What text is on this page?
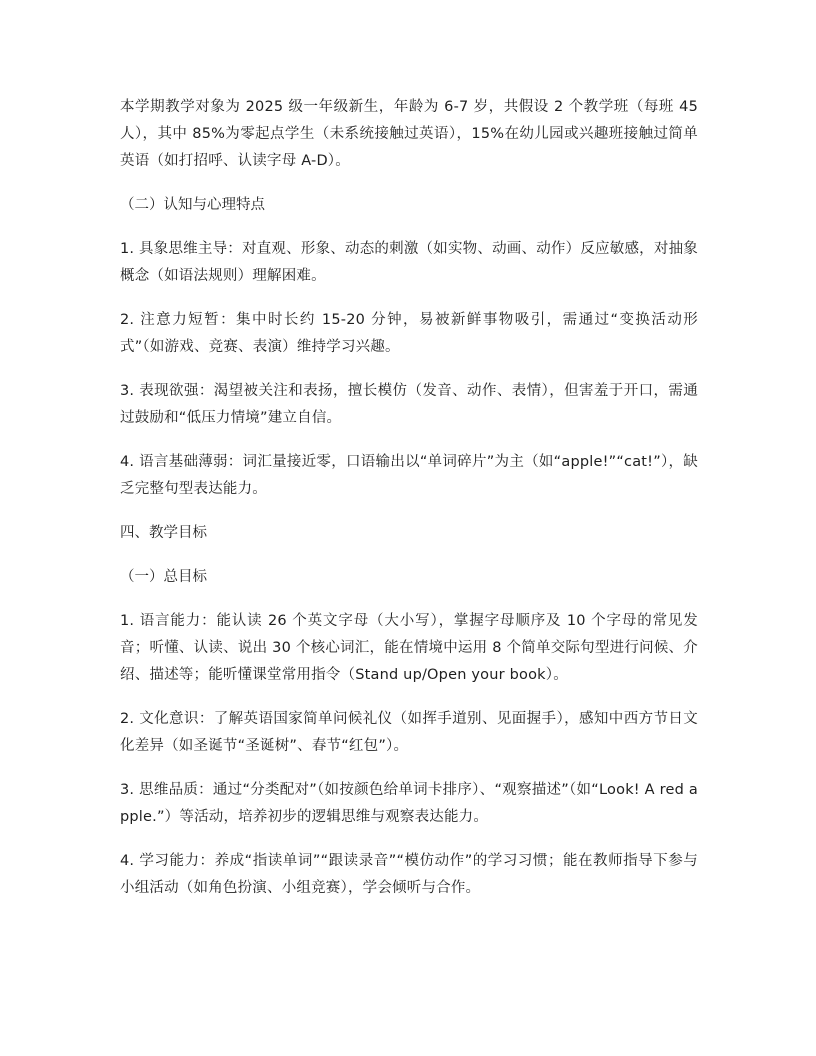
本学期教学对象为 2025 级一年级新生，年龄为 6-7 岁，共假设 2 个教学班（每班 45 人），其中 85%为零起点学生（未系统接触过英语），15%在幼儿园或兴趣班接触过简单英语（如打招呼、认读字母 A-D）。

（二）认知与心理特点

1. 具象思维主导：对直观、形象、动态的刺激（如实物、动画、动作）反应敏感，对抽象概念（如语法规则）理解困难。

2. 注意力短暂：集中时长约 15-20 分钟，易被新鲜事物吸引，需通过“变换活动形式”（如游戏、竞赛、表演）维持学习兴趣。

3. 表现欲强：渴望被关注和表扬，擅长模仿（发音、动作、表情），但害羞于开口，需通过鼓励和“低压力情境”建立自信。

4. 语言基础薄弱：词汇量接近零，口语输出以“单词碎片”为主（如“apple!”“cat!”），缺乏完整句型表达能力。

四、教学目标

（一）总目标

1. 语言能力：能认读 26 个英文字母（大小写），掌握字母顺序及 10 个字母的常见发音；听懂、认读、说出 30 个核心词汇，能在情境中运用 8 个简单交际句型进行问候、介绍、描述等；能听懂课堂常用指令（Stand up/Open your book）。

2. 文化意识：了解英语国家简单问候礼仪（如挥手道别、见面握手），感知中西方节日文化差异（如圣诞节“圣诞树”、春节“红包”）。

3. 思维品质：通过“分类配对”（如按颜色给单词卡排序）、“观察描述”（如“Look! A red apple.”）等活动，培养初步的逻辑思维与观察表达能力。

4. 学习能力：养成“指读单词”“跟读录音”“模仿动作”的学习习惯；能在教师指导下参与小组活动（如角色扮演、小组竞赛），学会倾听与合作。
